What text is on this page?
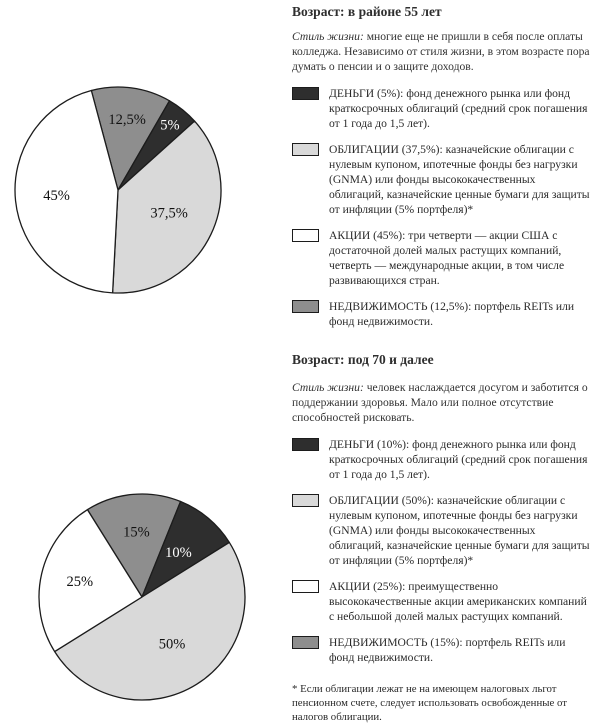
12,5% 5%
37,5%
45%
15%
10%
50%
25%
Возраст: в районе 55 лет

Стиль жизни: многие еще не пришли в себя после оплаты колледжа. Независимо от стиля жизни, в этом возрасте пора думать о пенсии и о защите доходов.

ДЕНЬГИ (5%): фонд денежного рынка или фонд краткосрочных облигаций (средний срок погашения от 1 года до 1,5 лет).

ОБЛИГАЦИИ (37,5%): казначейские облигации с нулевым купоном, ипотечные фонды без нагрузки (GNMA) или фонды высококачественных облигаций, казначейские ценные бумаги для защиты от инфляции (5% портфеля)*

АКЦИИ (45%): три четверти — акции США с достаточной долей малых растущих компаний, четверть — международные акции, в том числе развивающихся стран.

НЕДВИЖИМОСТЬ (12,5%): портфель REITs или фонд недвижимости.

Возраст: под 70 и далее

Стиль жизни: человек наслаждается досугом и заботится о поддержании здоровья. Мало или полное отсутствие способностей рисковать.

ДЕНЬГИ (10%): фонд денежного рынка или фонд краткосрочных облигаций (средний срок погашения от 1 года до 1,5 лет).

ОБЛИГАЦИИ (50%): казначейские облигации с нулевым купоном, ипотечные фонды без нагрузки (GNMA) или фонды высококачественных облигаций, казначейские ценные бумаги для защиты от инфляции (5% портфеля)*

АКЦИИ (25%): преимущественно высококачественные акции американских компаний с небольшой долей малых растущих компаний.

НЕДВИЖИМОСТЬ (15%): портфель REITs или фонд недвижимости.

* Если облигации лежат не на имеющем налоговых льгот пенсионном счете, следует использовать освобожденные от налогов облигации.
